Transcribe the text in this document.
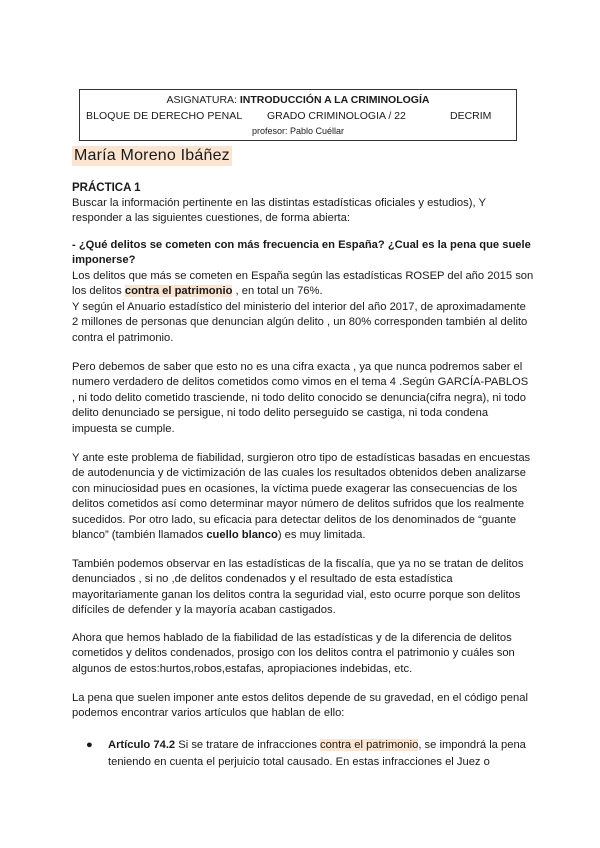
ASIGNATURA: INTRODUCCIÓN A LA CRIMINOLOGÍA
BLOQUE DE DERECHO PENAL GRADO CRIMINOLOGIA / 22	DECRIM
profesor: Pablo Cuéllar
María Moreno Ibáñez
PRÁCTICA 1
Buscar la información pertinente en las distintas estadísticas oficiales y estudios), Y responder a las siguientes cuestiones, de forma abierta:
- ¿Qué delitos se cometen con más frecuencia en España? ¿Cual es la pena que suele imponerse?
Los delitos que más se cometen en España según las estadísticas ROSEP del año 2015 son los delitos contra el patrimonio , en total un 76%.
Y según el Anuario estadístico del ministerio del interior del año 2017, de aproximadamente 2 millones de personas que denuncian algún delito , un 80% corresponden también al delito contra el patrimonio.
Pero debemos de saber que esto no es una cifra exacta , ya que nunca podremos saber el numero verdadero de delitos cometidos como vimos en el tema 4 .Según GARCÍA-PABLOS , ni todo delito cometido trasciende, ni todo delito conocido se denuncia(cifra negra), ni todo delito denunciado se persigue, ni todo delito perseguido se castiga, ni toda condena impuesta se cumple.
Y ante este problema de fiabilidad, surgieron otro tipo de estadísticas basadas en encuestas de autodenuncia y de victimización de las cuales los resultados obtenidos deben analizarse con minuciosidad pues en ocasiones, la víctima puede exagerar las consecuencias de los delitos cometidos así como determinar mayor número de delitos sufridos que los realmente sucedidos. Por otro lado, su eficacia para detectar delitos de los denominados de “guante blanco” (también llamados cuello blanco) es muy limitada.
También podemos observar en las estadísticas de la fiscalía, que ya no se tratan de delitos denunciados , si no ,de delitos condenados y el resultado de esta estadística mayoritariamente ganan los delitos contra la seguridad vial, esto ocurre porque son delitos difíciles de defender y la mayoría acaban castigados.
Ahora que hemos hablado de la fiabilidad de las estadísticas y de la diferencia de delitos cometidos y delitos condenados, prosigo con los delitos contra el patrimonio y cuáles son algunos de estos:hurtos,robos,estafas, apropiaciones indebidas, etc.
La pena que suelen imponer ante estos delitos depende de su gravedad, en el código penal podemos encontrar varios artículos que hablan de ello:
● Artículo 74.2 Si se tratare de infracciones contra el patrimonio, se impondrá la pena teniendo en cuenta el perjuicio total causado. En estas infracciones el Juez o
